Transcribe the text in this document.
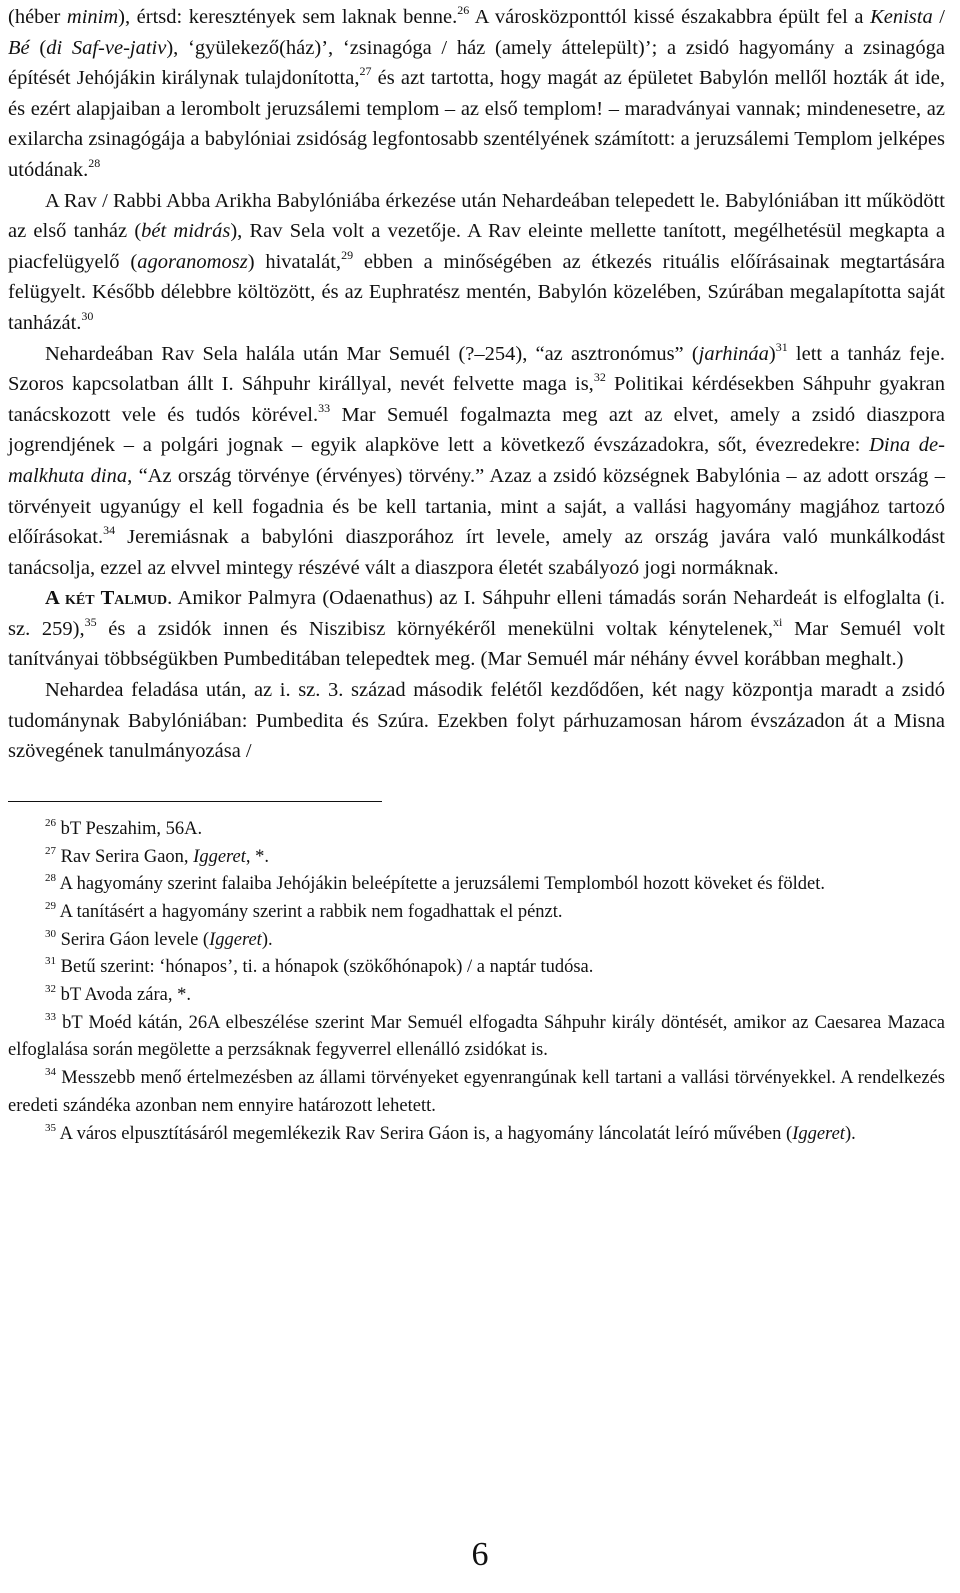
(héber minim), értsd: keresztények sem laknak benne.$^{26}$ A városközponttól kissé északabbra épült fel a Kenista / Bé (di Saf-ve-jativ), ‘gyülekező(ház)’, ‘zsinagóga / ház (amely áttelepült)’; a zsidó hagyomány a zsinagóga építését Jehójákin királynak tulajdonította,$^{27}$ és azt tartotta, hogy magát az épületet Babylón mellől hozták át ide, és ezért alapjaiban a lerombolt jeruzsálemi templom – az első templom! – maradványai vannak; mindenesetre, az exilarcha zsinagógája a babylóniai zsidóság legfontosabb szentélyének számított: a jeruzsálemi Templom jelképes utódának.$^{28}$

A Rav / Rabbi Abba Arikha Babylóniába érkezése után Nehardeában telepedett le. Babylóniában itt működött az első tanház (bét midrás), Rav Sela volt a vezetője. A Rav eleinte mellette tanított, megélhetésül megkapta a piacfelügyelő (agoranomosz) hivatalát,$^{29}$ ebben a minőségében az étkezés rituális előírásainak megtartására felügyelt. Később délebbre költözött, és az Euphratész mentén, Babylón közelében, Szúrában megalapította saját tanházát.$^{30}$

Nehardeában Rav Sela halála után Mar Semuél (?–254), “az asztronómus” (jarhináa)$^{31}$ lett a tanház feje. Szoros kapcsolatban állt I. Sáhpuhr királlyal, nevét felvette maga is,$^{32}$ Politikai kérdésekben Sáhpuhr gyakran tanácskozott vele és tudós körével.$^{33}$ Mar Semuél fogalmazta meg azt az elvet, amely a zsidó diaszpora jogrendjének – a polgári jognak – egyik alapköve lett a következő évszázadokra, sőt, évezredekre: Dina de-malkhuta dina, “Az ország törvénye (érvényes) törvény.” Azaz a zsidó községnek Babylónia – az adott ország – törvényeit ugyanúgy el kell fogadnia és be kell tartania, mint a saját, a vallási hagyomány magjához tartozó előírásokat.$^{34}$ Jeremiásnak a babylóni diaszporához írt levele, amely az ország javára való munkálkodást tanácsolja, ezzel az elvvel mintegy részévé vált a diaszpora életét szabályozó jogi normáknak.

A két Talmud. Amikor Palmyra (Odaenathus) az I. Sáhpuhr elleni támadás során Nehardeát is elfoglalta (i. sz. 259),$^{35}$ és a zsidók innen és Niszibisz környékéről menekülni voltak kénytelenek,$^{xi}$ Mar Semuél volt tanítványai többségükben Pumbeditában telepedtek meg. (Mar Semuél már néhány évvel korábban meghalt.)

Nehardea feladása után, az i. sz. 3. század második felétől kezdődően, két nagy központja maradt a zsidó tudománynak Babylóniában: Pumbedita és Szúra. Ezekben folyt párhuzamosan három évszázadon át a Misna szövegének tanulmányozása /

$^{26}$ bT Peszahim, 56A.

$^{27}$ Rav Serira Gaon, Iggeret, *.

$^{28}$ A hagyomány szerint falaiba Jehójákin beleépítette a jeruzsálemi Templomból hozott köveket és földet.

$^{29}$ A tanításért a hagyomány szerint a rabbik nem fogadhattak el pénzt.

$^{30}$ Serira Gáon levele (Iggeret).

$^{31}$ Betű szerint: ‘hónapos’, ti. a hónapok (szökőhónapok) / a naptár tudósa.

$^{32}$ bT Avoda zára, *.

$^{33}$ bT Moéd kátán, 26A elbeszélése szerint Mar Semuél elfogadta Sáhpuhr király döntését, amikor az Caesarea Mazaca elfoglalása során megölette a perzsáknak fegyverrel ellenálló zsidókat is.

$^{34}$ Messzebb menő értelmezésben az állami törvényeket egyenrangúnak kell tartani a vallási törvényekkel. A rendelkezés eredeti szándéka azonban nem ennyire határozott lehetett.

$^{35}$ A város elpusztításáról megemlékezik Rav Serira Gáon is, a hagyomány láncolatát leíró művében (Iggeret).

6
